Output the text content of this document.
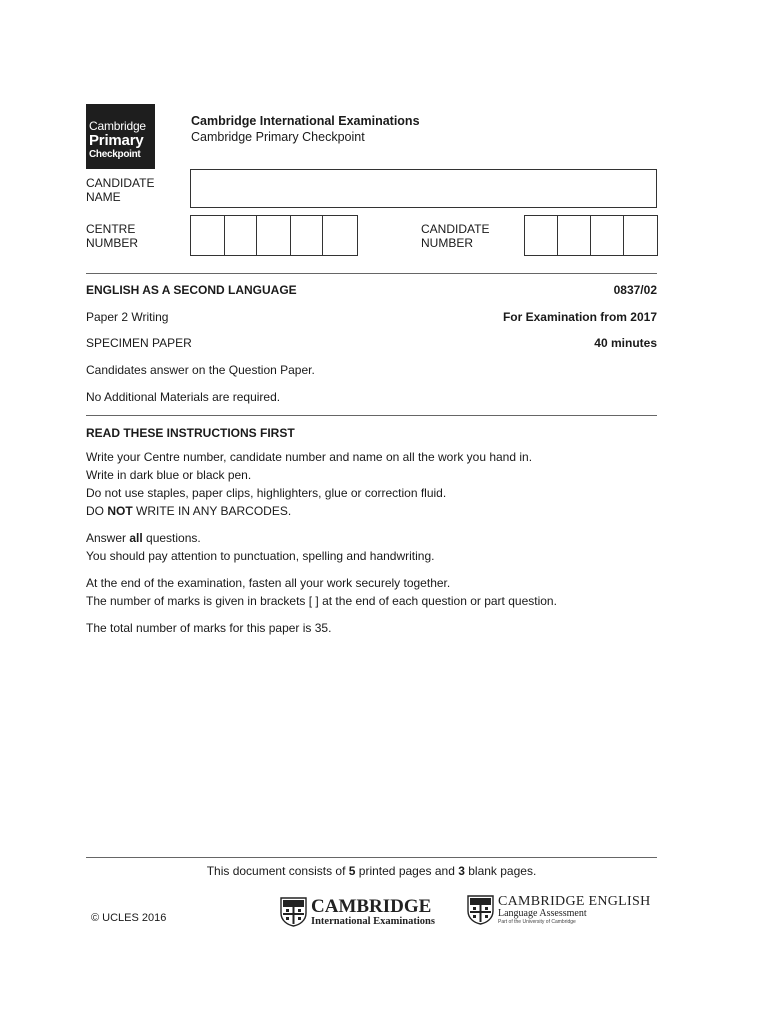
Cambridge
Primary
Checkpoint
Cambridge International Examinations
Cambridge Primary Checkpoint
CANDIDATE
NAME
CENTRE
NUMBER
CANDIDATE
NUMBER
ENGLISH AS A SECOND LANGUAGE	0837/02
Paper 2 Writing	For Examination from 2017
SPECIMEN PAPER	40 minutes
Candidates answer on the Question Paper.
No Additional Materials are required.
READ THESE INSTRUCTIONS FIRST
Write your Centre number, candidate number and name on all the work you hand in.
Write in dark blue or black pen.
Do not use staples, paper clips, highlighters, glue or correction fluid.
DO NOT WRITE IN ANY BARCODES.
Answer all questions.
You should pay attention to punctuation, spelling and handwriting.
At the end of the examination, fasten all your work securely together.
The number of marks is given in brackets [ ] at the end of each question or part question.
The total number of marks for this paper is 35.
This document consists of 5 printed pages and 3 blank pages.
© UCLES 2016
CAMBRIDGE
International Examinations
CAMBRIDGE ENGLISH
Language Assessment
Part of the University of Cambridge
